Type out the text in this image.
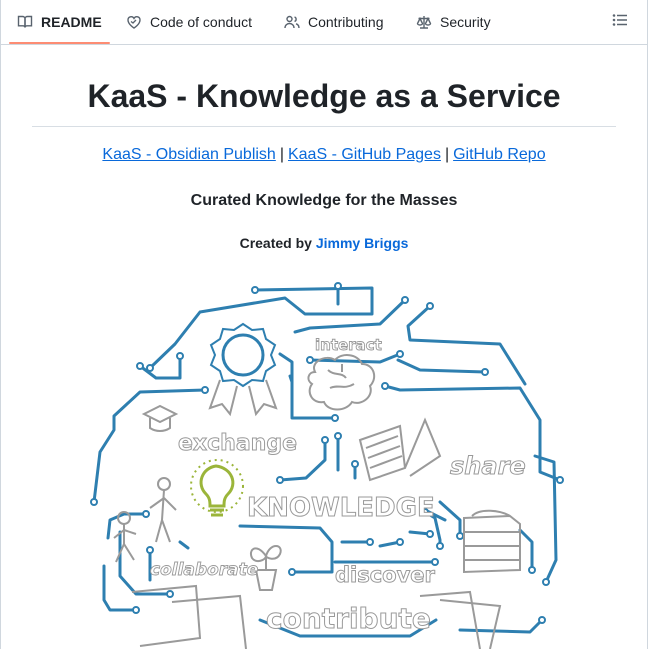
README	Code of conduct	Contributing	Security
KaaS - Knowledge as a Service
KaaS - Obsidian Publish | KaaS - GitHub Pages | GitHub Repo
Curated Knowledge for the Masses
Created by Jimmy Briggs
interact
exchange
share
KNOWLEDGE
collaborate	discover
contribute
